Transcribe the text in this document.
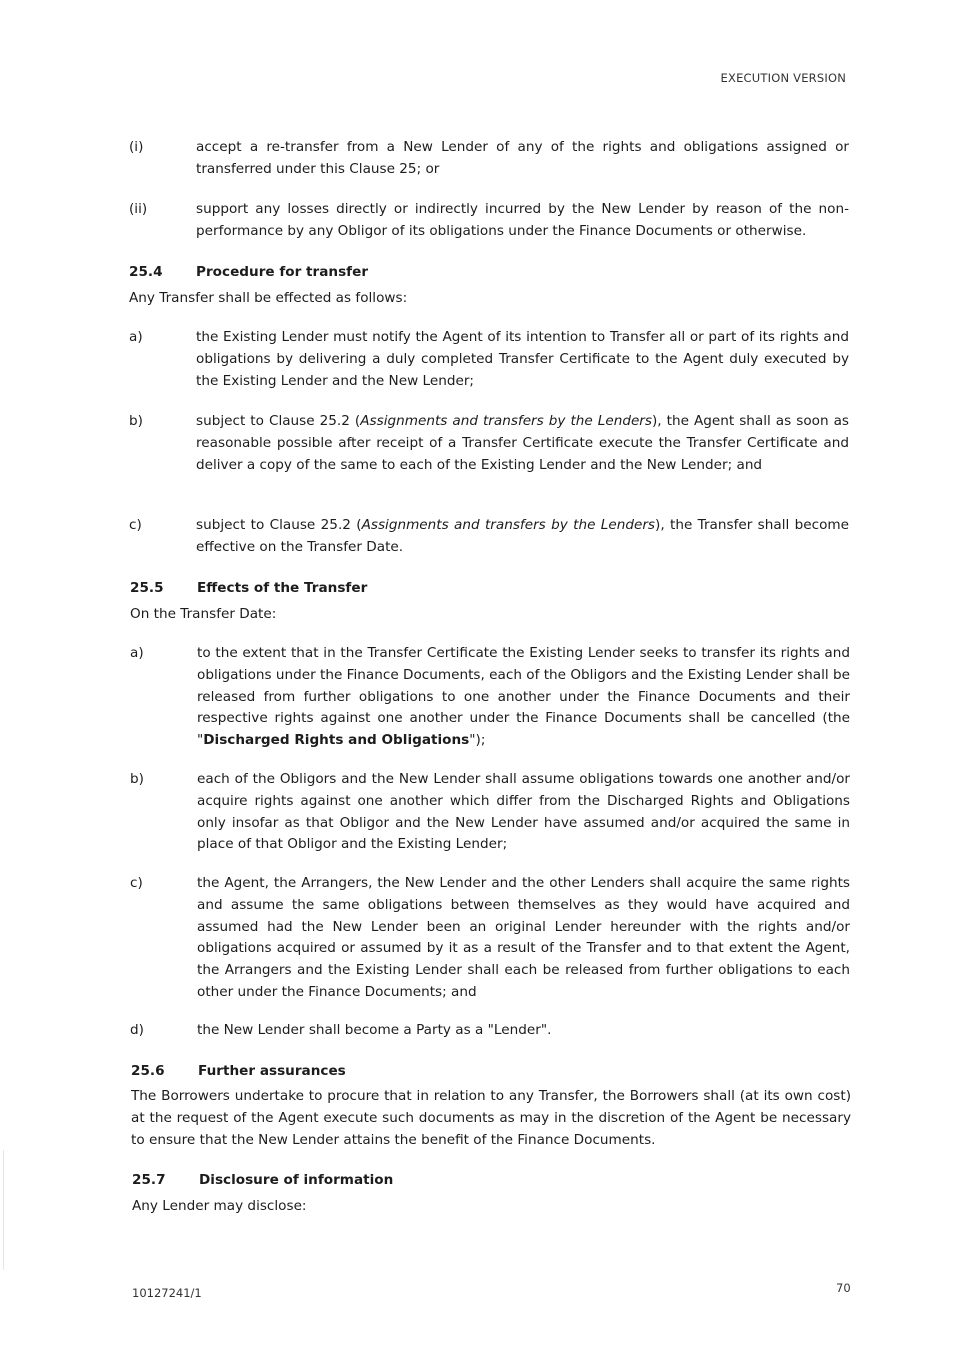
EXECUTION VERSION
(i)	accept a re-transfer from a New Lender of any of the rights and obligations assigned or transferred under this Clause 25; or
(ii)	support any losses directly or indirectly incurred by the New Lender by reason of the non-performance by any Obligor of its obligations under the Finance Documents or otherwise.
25.4 Procedure for transfer
Any Transfer shall be effected as follows:
a)	the Existing Lender must notify the Agent of its intention to Transfer all or part of its rights and obligations by delivering a duly completed Transfer Certificate to the Agent duly executed by the Existing Lender and the New Lender;
b)	subject to Clause 25.2 (Assignments and transfers by the Lenders), the Agent shall as soon as reasonable possible after receipt of a Transfer Certificate execute the Transfer Certificate and deliver a copy of the same to each of the Existing Lender and the New Lender; and
c)	subject to Clause 25.2 (Assignments and transfers by the Lenders), the Transfer shall become effective on the Transfer Date.
25.5 Effects of the Transfer
On the Transfer Date:
a)	to the extent that in the Transfer Certificate the Existing Lender seeks to transfer its rights and obligations under the Finance Documents, each of the Obligors and the Existing Lender shall be released from further obligations to one another under the Finance Documents and their respective rights against one another under the Finance Documents shall be cancelled (the "Discharged Rights and Obligations");
b)	each of the Obligors and the New Lender shall assume obligations towards one another and/or acquire rights against one another which differ from the Discharged Rights and Obligations only insofar as that Obligor and the New Lender have assumed and/or acquired the same in place of that Obligor and the Existing Lender;
c)	the Agent, the Arrangers, the New Lender and the other Lenders shall acquire the same rights and assume the same obligations between themselves as they would have acquired and assumed had the New Lender been an original Lender hereunder with the rights and/or obligations acquired or assumed by it as a result of the Transfer and to that extent the Agent, the Arrangers and the Existing Lender shall each be released from further obligations to each other under the Finance Documents; and
d)	the New Lender shall become a Party as a "Lender".
25.6 Further assurances
The Borrowers undertake to procure that in relation to any Transfer, the Borrowers shall (at its own cost) at the request of the Agent execute such documents as may in the discretion of the Agent be necessary to ensure that the New Lender attains the benefit of the Finance Documents.
25.7 Disclosure of information
Any Lender may disclose:
10127241/1	70
